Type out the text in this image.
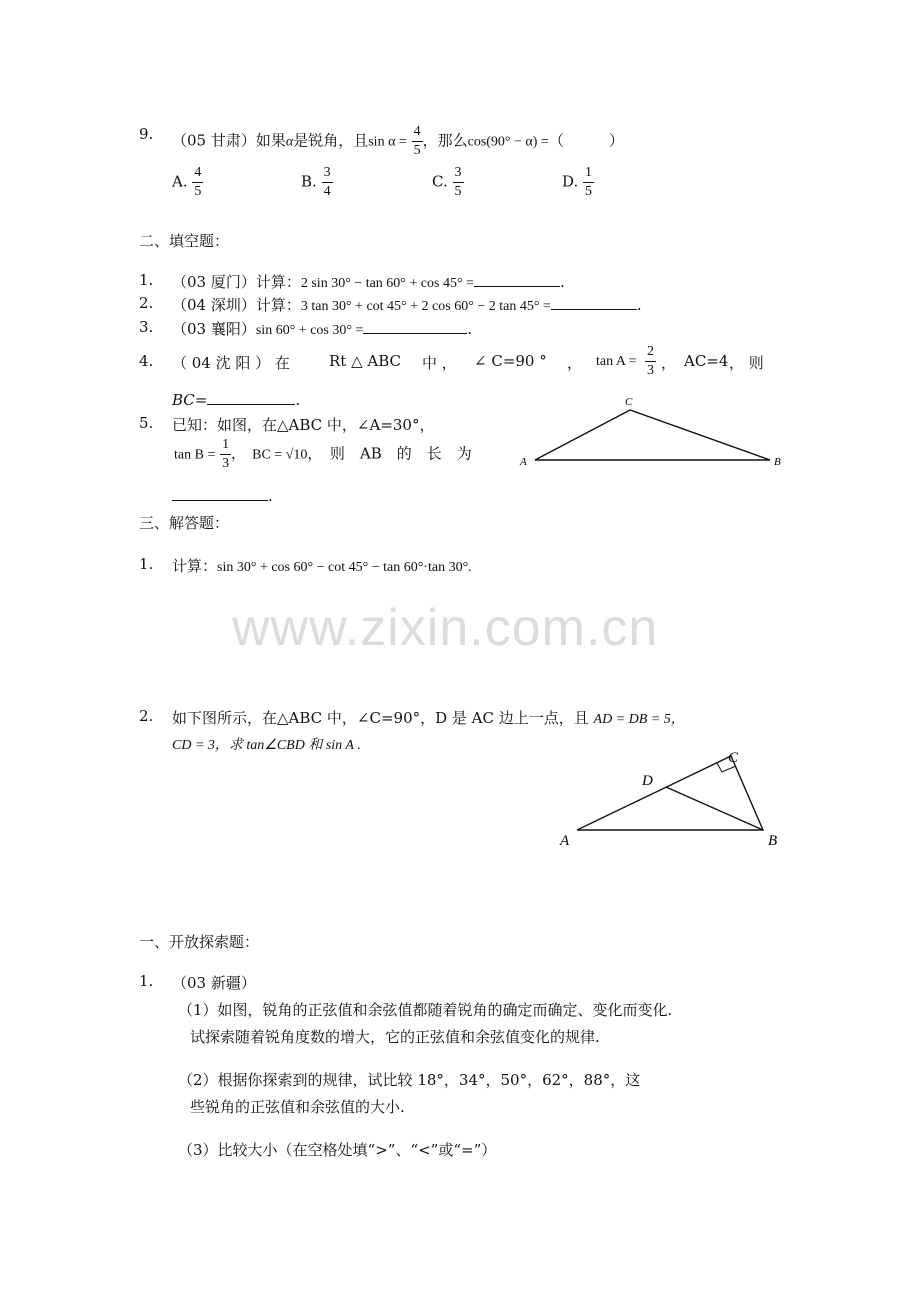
9. （05 甘肃）如果α是锐角，且$\sin \alpha = \frac{4}{5}$ ，那么cos(90° − α) =（　　　）
A. $\frac{4}{5}$	B. $\frac{3}{4}$	C. $\frac{3}{5}$	D. $\frac{1}{5}$
二、填空题：
1. （03 厦门）计算：2 sin 30° − tan 60° + cos 45° =	.
2. （04 深圳）计算：3 tan 30° + cot 45° + 2 cos 60° − 2 tan 45° =	.
3. （03 襄阳）sin 60° + cos 30° =	.
4. （ 04 沈 阳 ） 在	Rt △ ABC 中 ， ∠ C=90 ° ， $\tan A = \frac{2}{3}$ ， AC=4 ， 则
BC=	.
5. 已知：如图，在△ABC 中，∠A=30°，
$\tan B = \frac{1}{3}$ ，　BC = √10，　则　AB　的　长　为
.
A	B
C
三、解答题：
1. 计算：sin 30° + cos 60° − cot 45° − tan 60°·tan 30°.
www.zixin.com.cn
2. 如下图所示，在△ABC 中，∠C=90°，D 是 AC 边上一点，且 AD = DB = 5，
CD = 3，求 tan∠CBD 和 sin A .
A	B
C
D
一、开放探索题：
1. （03 新疆）
（1）如图，锐角的正弦值和余弦值都随着锐角的确定而确定、变化而变化.
试探索随着锐角度数的增大，它的正弦值和余弦值变化的规律.
（2）根据你探索到的规律，试比较 18°，34°，50°，62°，88°，这
些锐角的正弦值和余弦值的大小.
（3）比较大小（在空格处填“>”、“<”或“=”）
